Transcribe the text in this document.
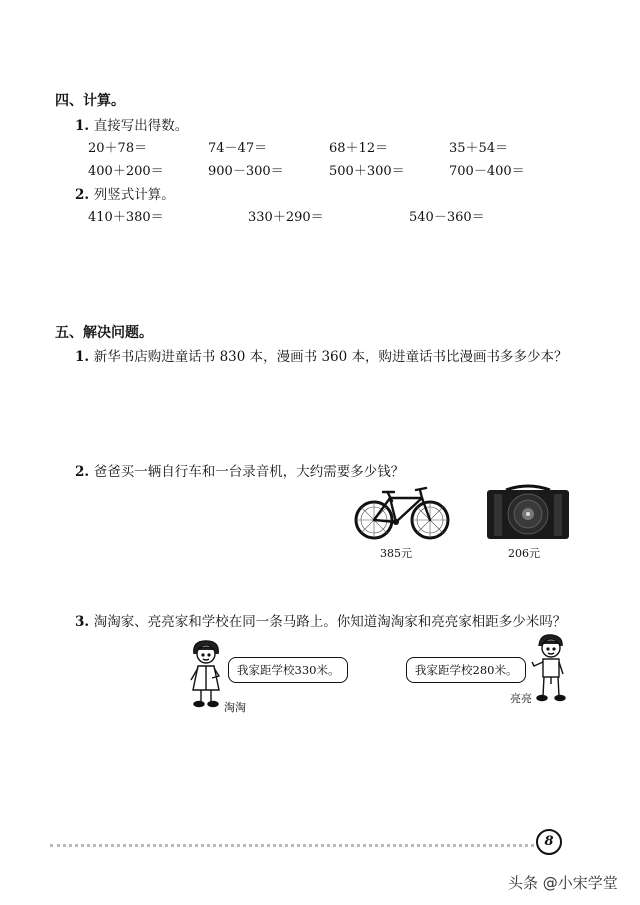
四、计算。
1. 直接写出得数。
20＋78＝	74－47＝	68＋12＝	35＋54＝
400＋200＝	900－300＝	500＋300＝	700－400＝
2. 列竖式计算。
410＋380＝	330＋290＝	540－360＝
五、解决问题。
1. 新华书店购进童话书 830 本，漫画书 360 本，购进童话书比漫画书多多少本？
2. 爸爸买一辆自行车和一台录音机，大约需要多少钱？
385元	206元
3. 淘淘家、亮亮家和学校在同一条马路上。你知道淘淘家和亮亮家相距多少米吗？
我家距学校330米。
淘淘
我家距学校280米。
亮亮
8
头条 @小宋学堂
